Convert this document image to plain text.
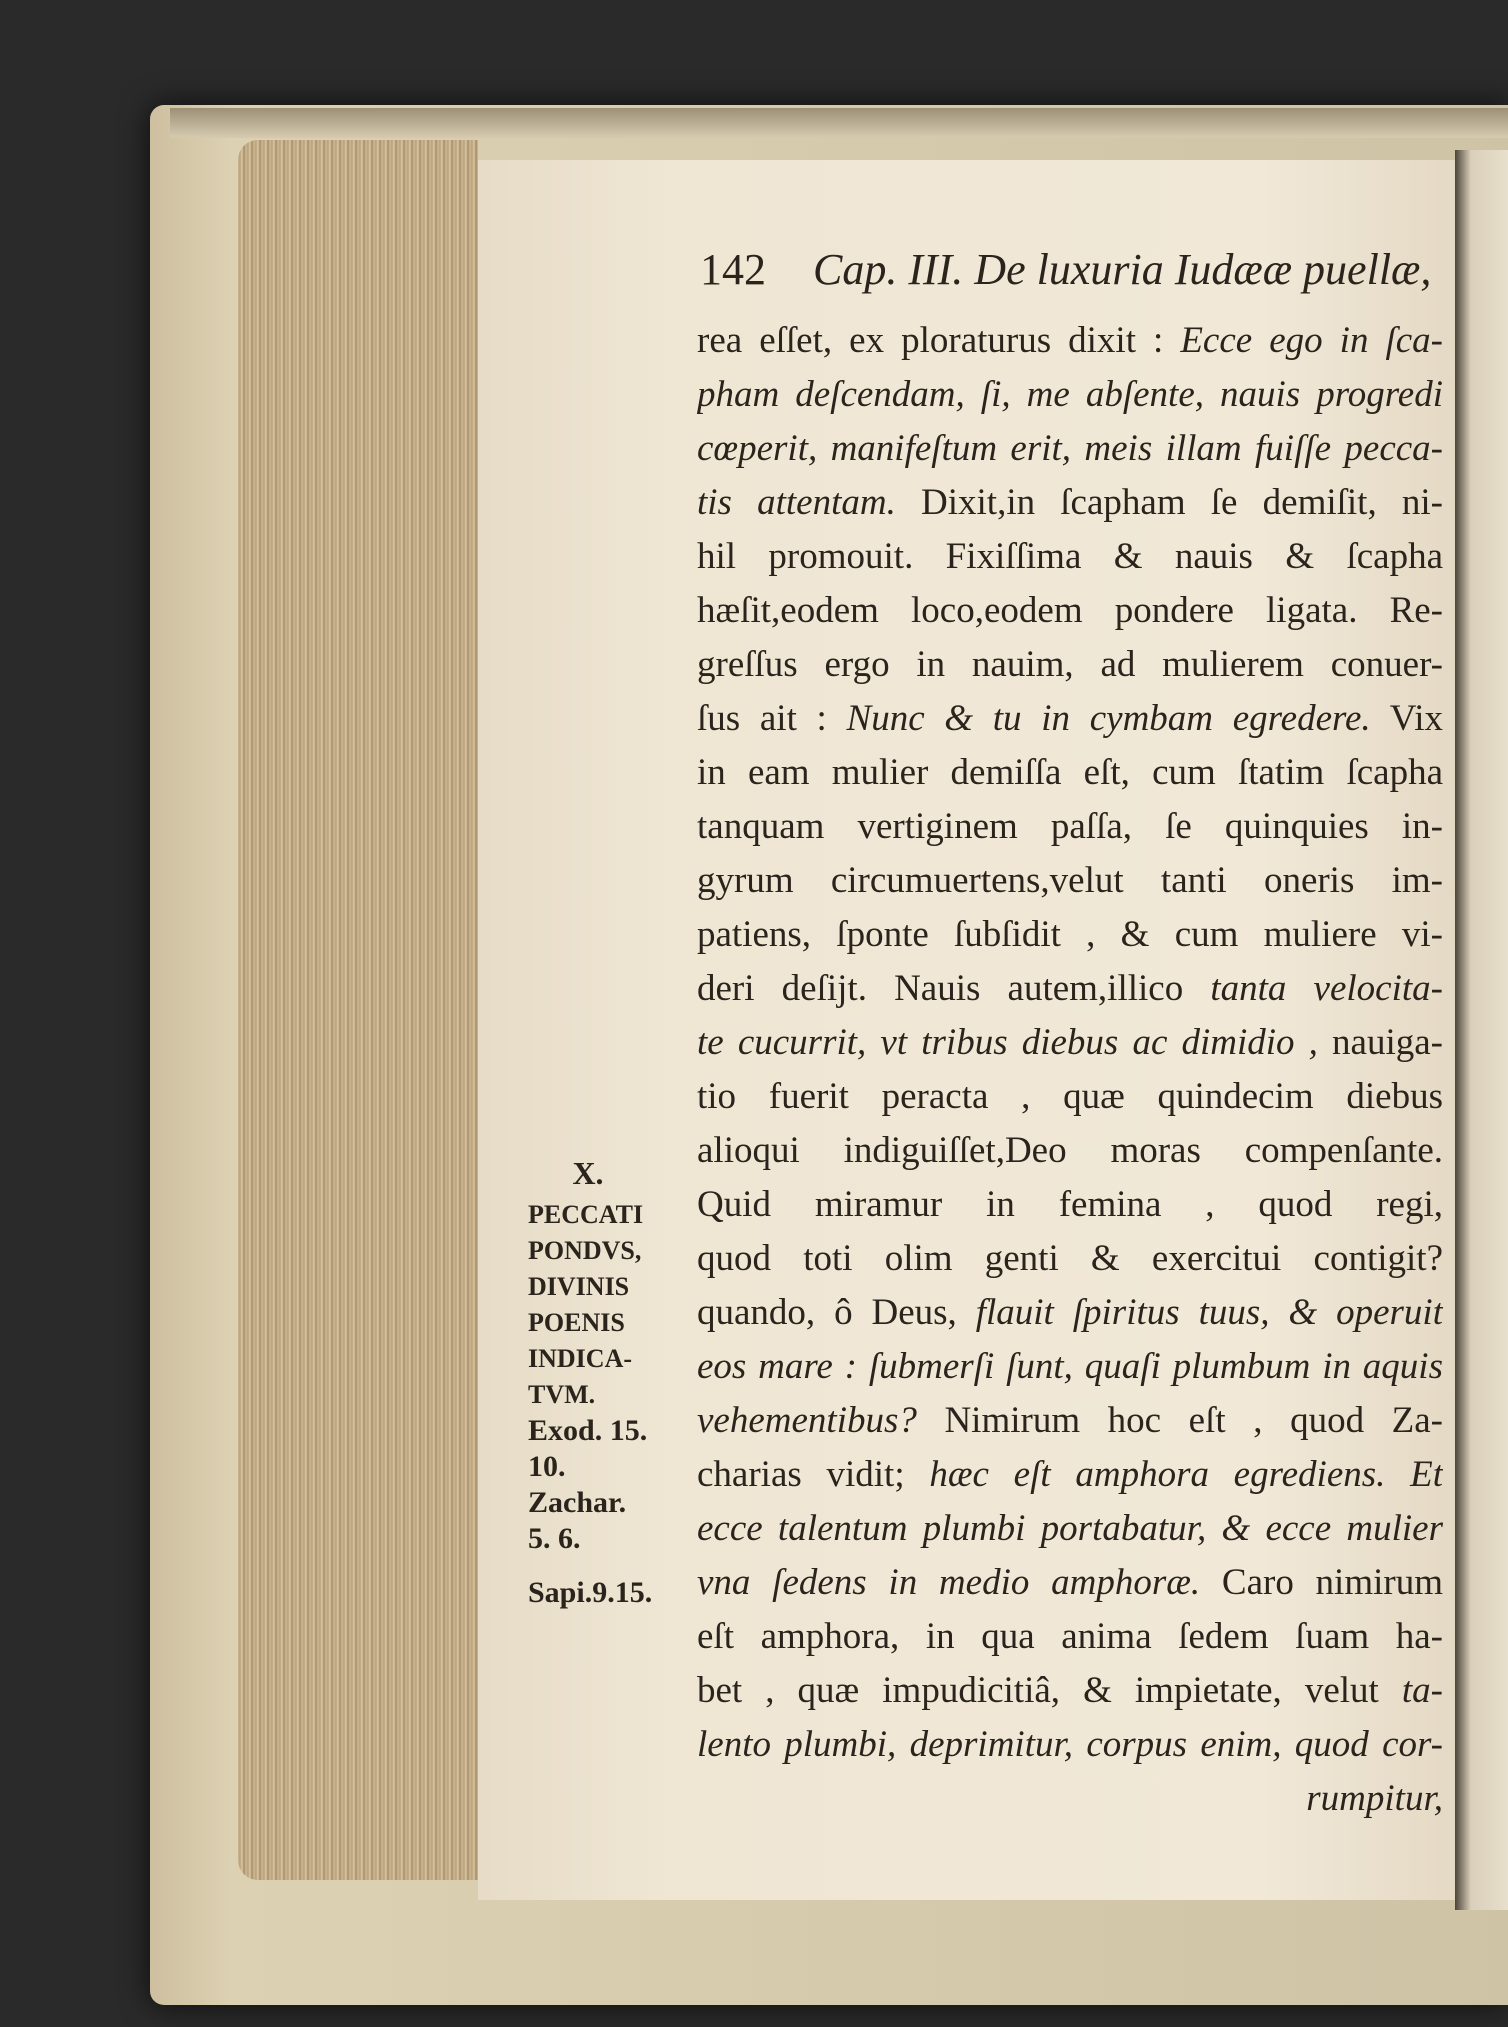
142 Cap. III. De luxuria Iudææ puellæ,
rea eſſet, ex ploraturus dixit : Ecce ego in ſca-
pham deſcendam, ſi, me abſente, nauis progredi
cœperit, manifeſtum erit, meis illam fuiſſe pecca-
tis attentam. Dixit,in ſcapham ſe demiſit, ni-
hil promouit. Fixiſſima & nauis & ſcapha
hæſit,eodem loco,eodem pondere ligata. Re-
greſſus ergo in nauim, ad mulierem conuer-
ſus ait : Nunc & tu in cymbam egredere. Vix
in eam mulier demiſſa eſt, cum ſtatim ſcapha
tanquam vertiginem paſſa, ſe quinquies in-
gyrum circumuertens,velut tanti oneris im-
patiens, ſponte ſubſidit , & cum muliere vi-
deri deſijt. Nauis autem,illico tanta velocita-
te cucurrit, vt tribus diebus ac dimidio , nauiga-
tio fuerit peracta , quæ quindecim diebus
alioqui indiguiſſet,Deo moras compenſante.
Quid miramur in femina , quod regi,
quod toti olim genti & exercitui contigit?
quando, ô Deus, flauit ſpiritus tuus, & operuit
eos mare : ſubmerſi ſunt, quaſi plumbum in aquis
vehementibus? Nimirum hoc eſt , quod Za-
charias vidit; hæc eſt amphora egrediens. Et
ecce talentum plumbi portabatur, & ecce mulier
vna ſedens in medio amphoræ. Caro nimirum
eſt amphora, in qua anima ſedem ſuam ha-
bet , quæ impudicitiâ, & impietate, velut ta-
lento plumbi, deprimitur, corpus enim, quod cor-
rumpitur,
X.
PECCATI
PONDVS,
DIVINIS
POENIS
INDICA-
TVM.
Exod. 15.
10.
Zachar.
5. 6.
Sapi.9.15.
